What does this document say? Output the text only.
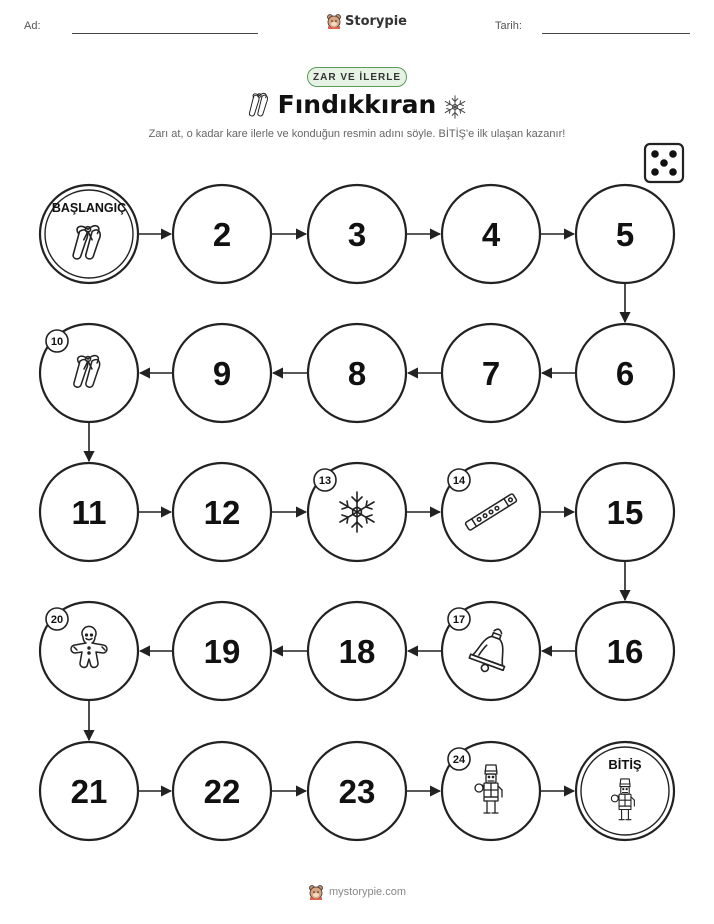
Ad:	Storypie	Tarih:
ZAR VE İLERLE
Fındıkkıran
Zarı at, o kadar kare ilerle ve konduğun resmin adını söyle. BİTİŞ'e ilk ulaşan kazanır!
BAŞLANGIÇ
2	3	4	5
6
7
8
9
10
11	12
13	14
15
16
17
18
19
20
21	22	23
24	BİTİŞ
mystorypie.com
